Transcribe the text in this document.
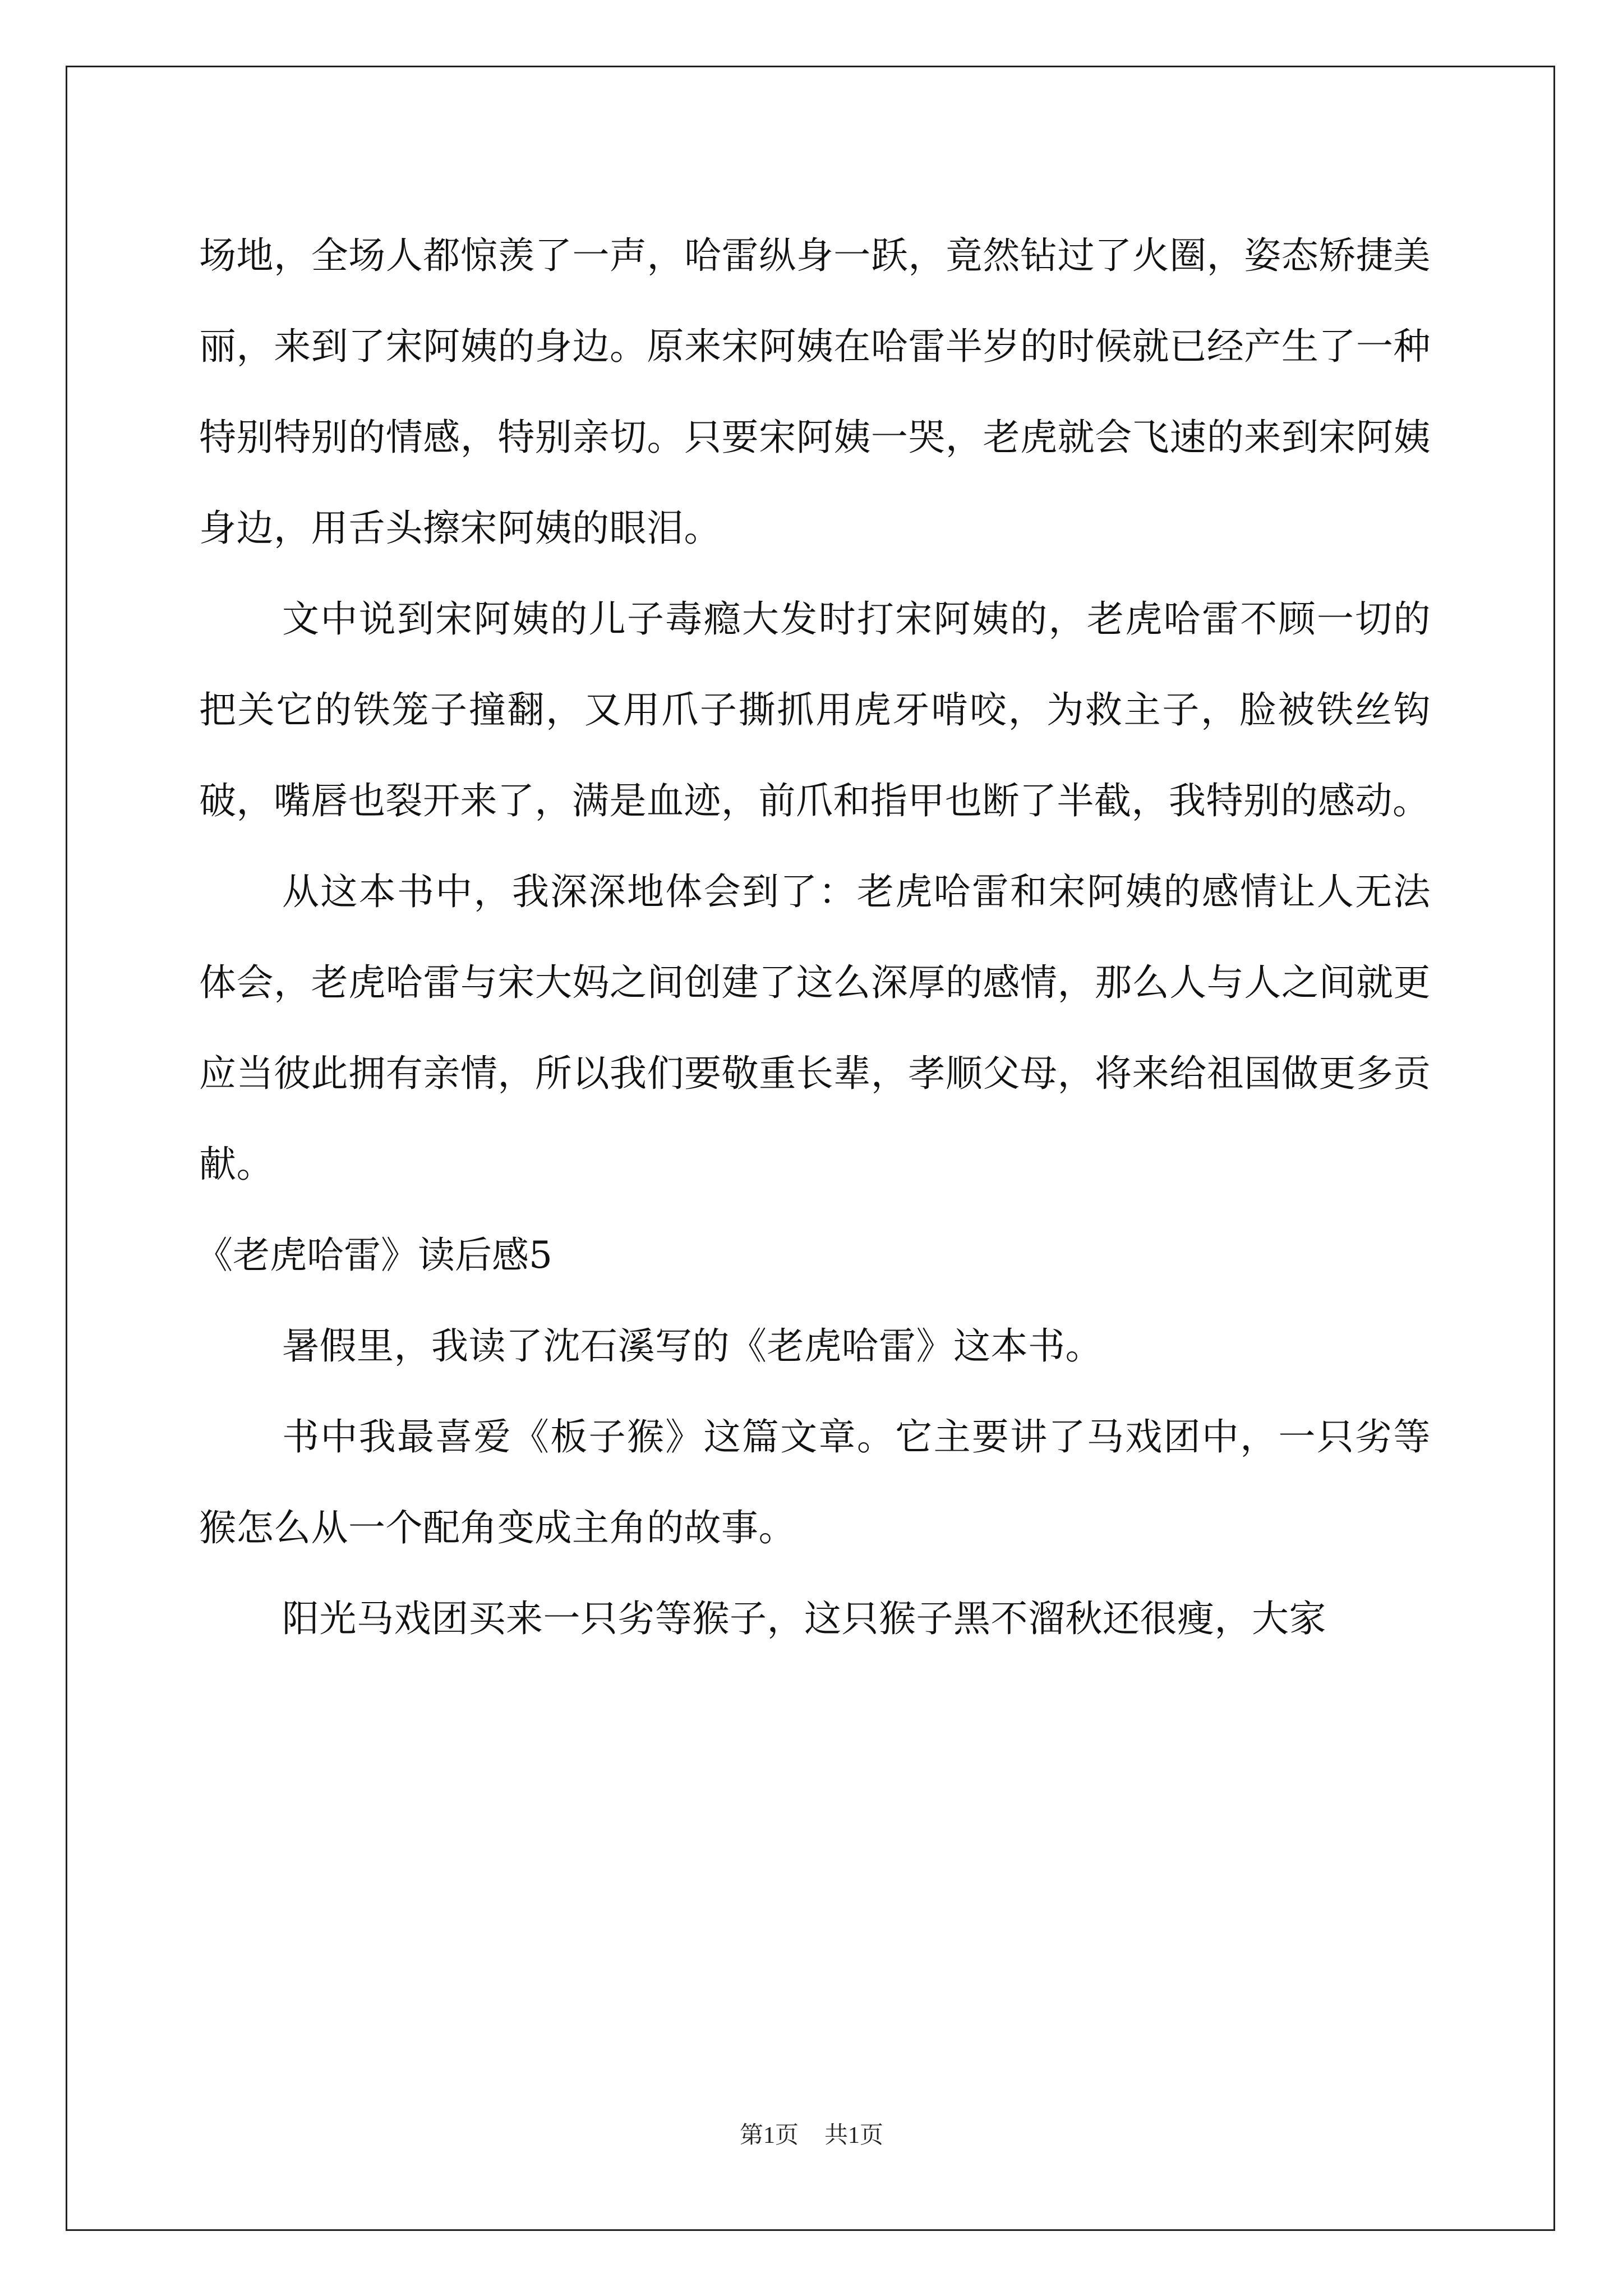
场地，全场人都惊羡了一声，哈雷纵身一跃，竟然钻过了火圈，姿态矫捷美丽，来到了宋阿姨的身边。原来宋阿姨在哈雷半岁的时候就已经产生了一种特别特别的情感，特别亲切。只要宋阿姨一哭，老虎就会飞速的来到宋阿姨身边，用舌头擦宋阿姨的眼泪。

文中说到宋阿姨的儿子毒瘾大发时打宋阿姨的，老虎哈雷不顾一切的把关它的铁笼子撞翻，又用爪子撕抓用虎牙啃咬，为救主子，脸被铁丝钩破，嘴唇也裂开来了，满是血迹，前爪和指甲也断了半截，我特别的感动。

从这本书中，我深深地体会到了：老虎哈雷和宋阿姨的感情让人无法体会，老虎哈雷与宋大妈之间创建了这么深厚的感情，那么人与人之间就更应当彼此拥有亲情，所以我们要敬重长辈，孝顺父母，将来给祖国做更多贡献。

《老虎哈雷》读后感5

暑假里，我读了沈石溪写的《老虎哈雷》这本书。

书中我最喜爱《板子猴》这篇文章。它主要讲了马戏团中，一只劣等猴怎么从一个配角变成主角的故事。

阳光马戏团买来一只劣等猴子，这只猴子黑不溜秋还很瘦，大家

第1页 共1页
